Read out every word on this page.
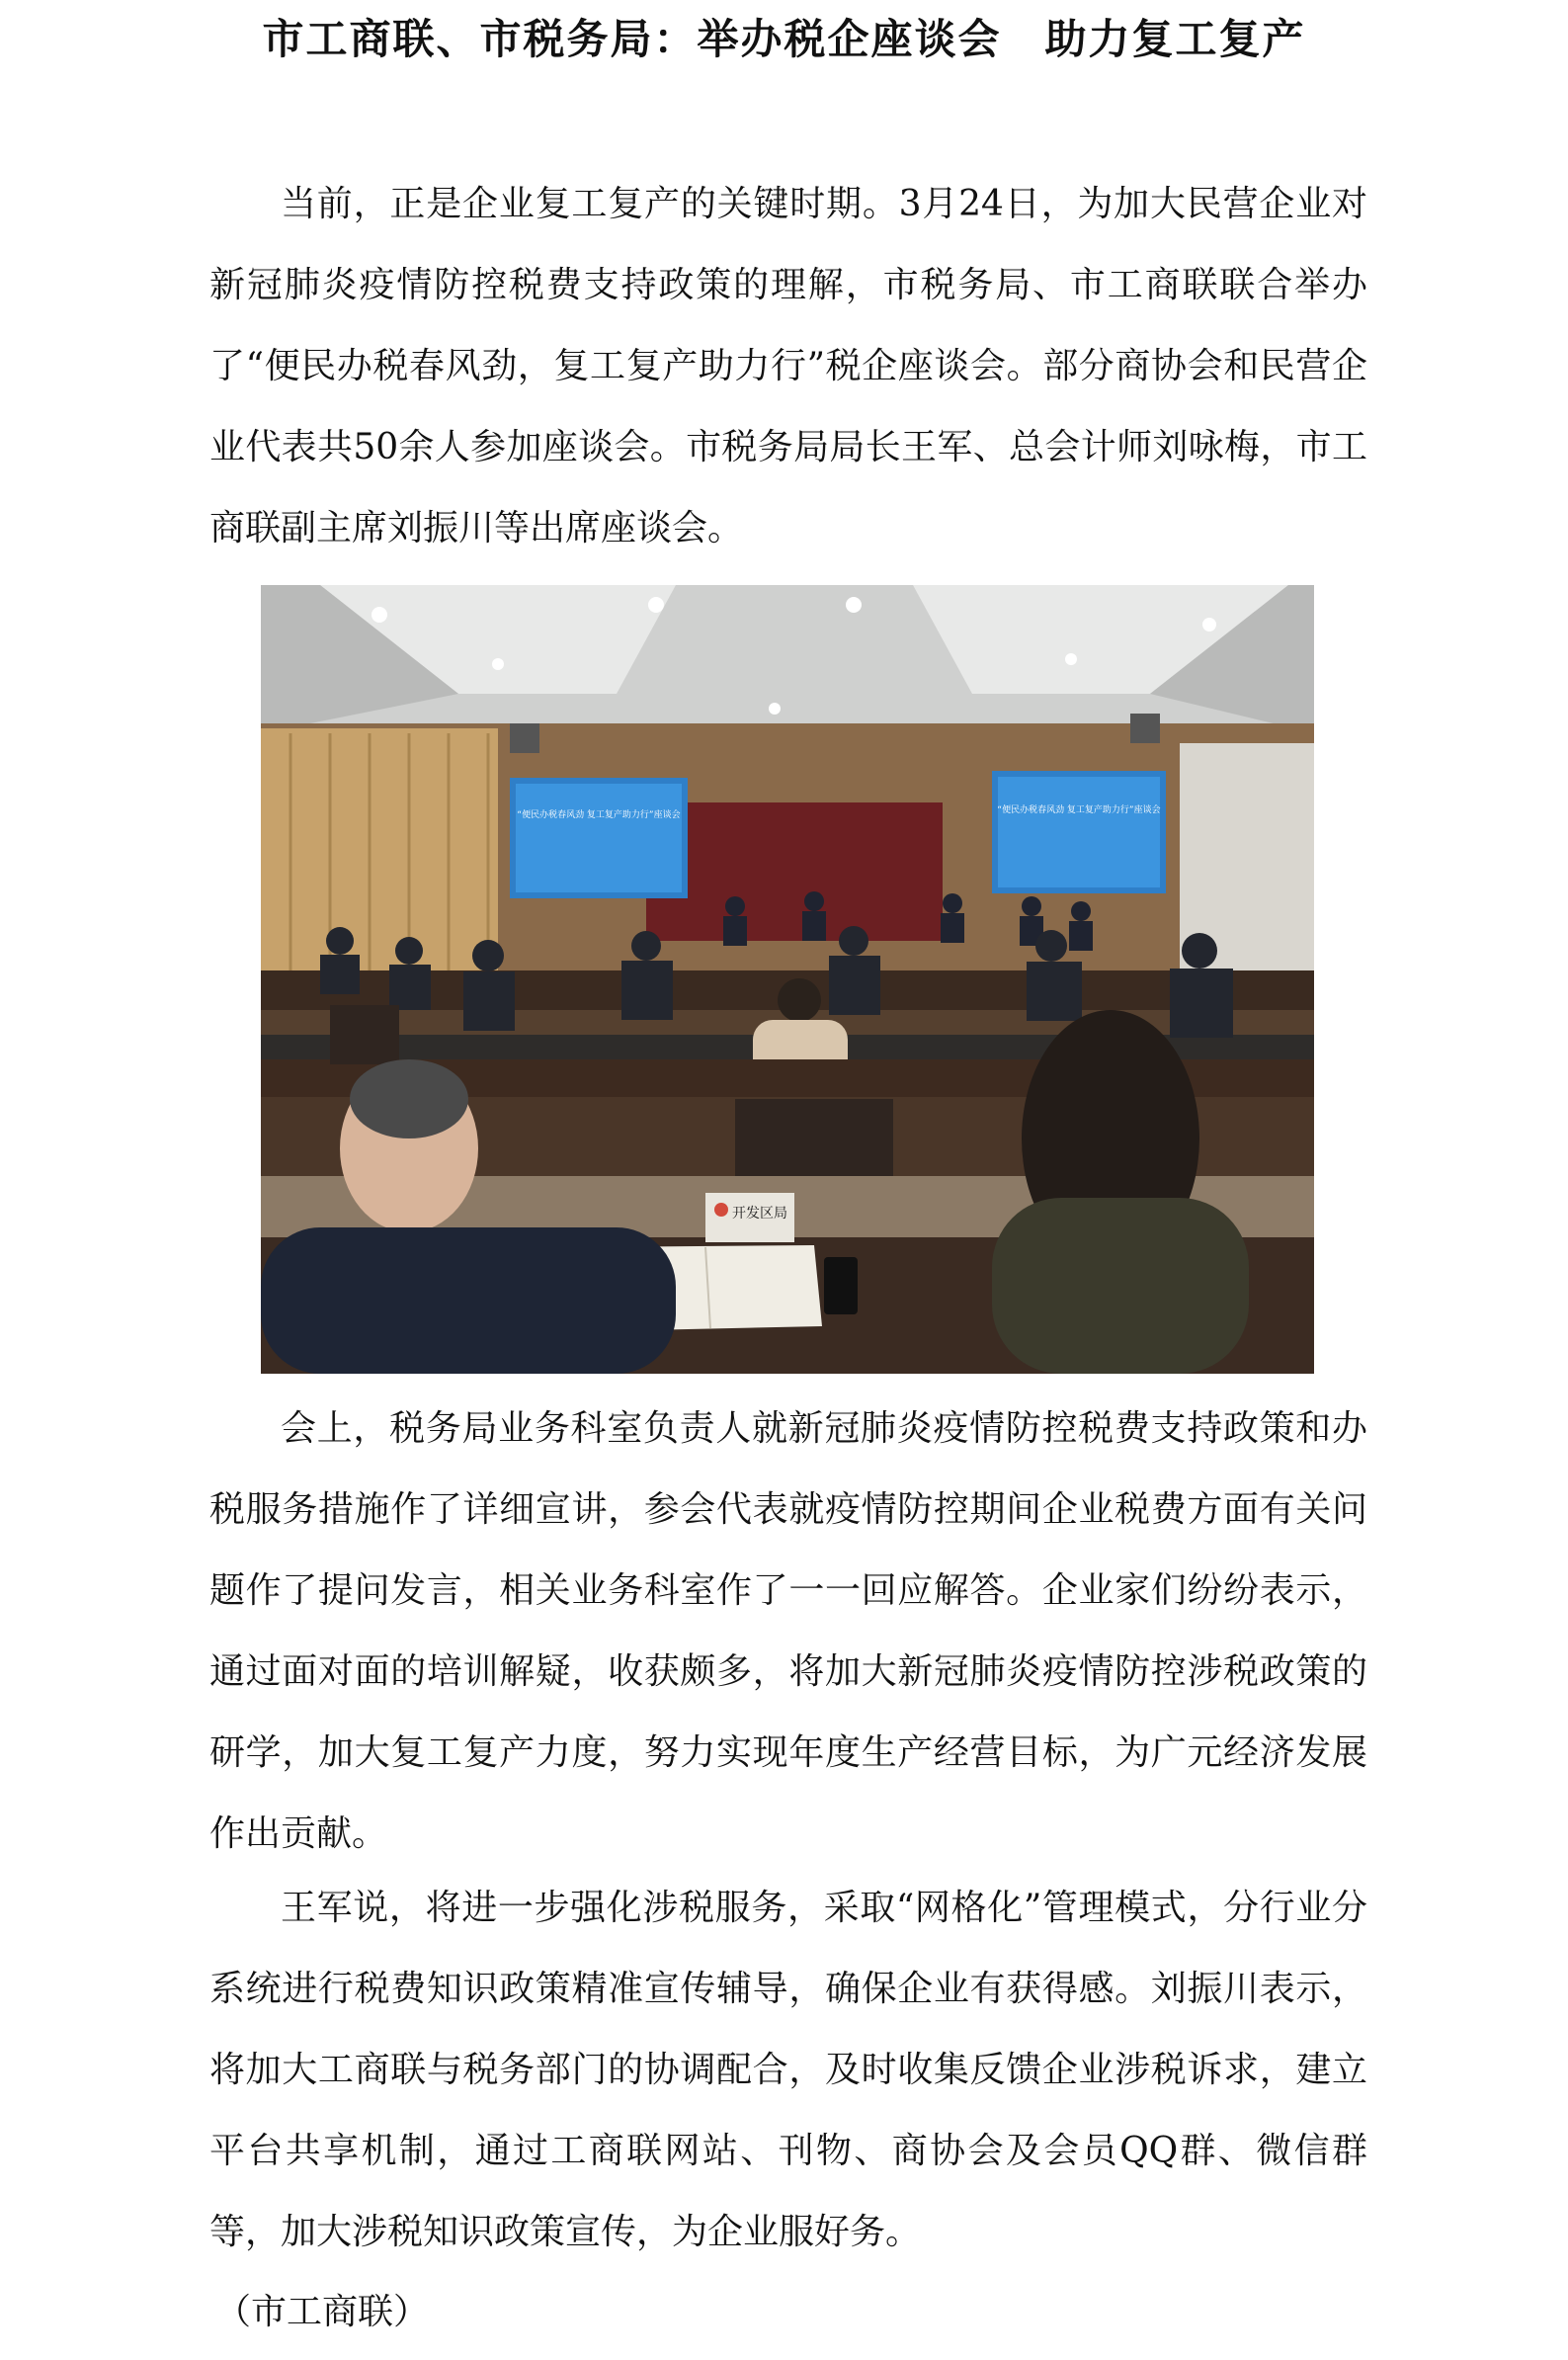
市工商联、市税务局：举办税企座谈会　助力复工复产

当前，正是企业复工复产的关键时期。3月24日，为加大民营企业对新冠肺炎疫情防控税费支持政策的理解，市税务局、市工商联联合举办了“便民办税春风劲，复工复产助力行”税企座谈会。部分商协会和民营企业代表共50余人参加座谈会。市税务局局长王军、总会计师刘咏梅，市工商联副主席刘振川等出席座谈会。

“便民办税春风劲 复工复产助力行”座谈会	“便民办税春风劲 复工复产助力行”座谈会
开发区局

会上，税务局业务科室负责人就新冠肺炎疫情防控税费支持政策和办税服务措施作了详细宣讲，参会代表就疫情防控期间企业税费方面有关问题作了提问发言，相关业务科室作了一一回应解答。企业家们纷纷表示，通过面对面的培训解疑，收获颇多，将加大新冠肺炎疫情防控涉税政策的研学，加大复工复产力度，努力实现年度生产经营目标，为广元经济发展作出贡献。

王军说，将进一步强化涉税服务，采取“网格化”管理模式，分行业分系统进行税费知识政策精准宣传辅导，确保企业有获得感。刘振川表示，将加大工商联与税务部门的协调配合，及时收集反馈企业涉税诉求，建立平台共享机制，通过工商联网站、刊物、商协会及会员QQ群、微信群等，加大涉税知识政策宣传，为企业服好务。

（市工商联）
